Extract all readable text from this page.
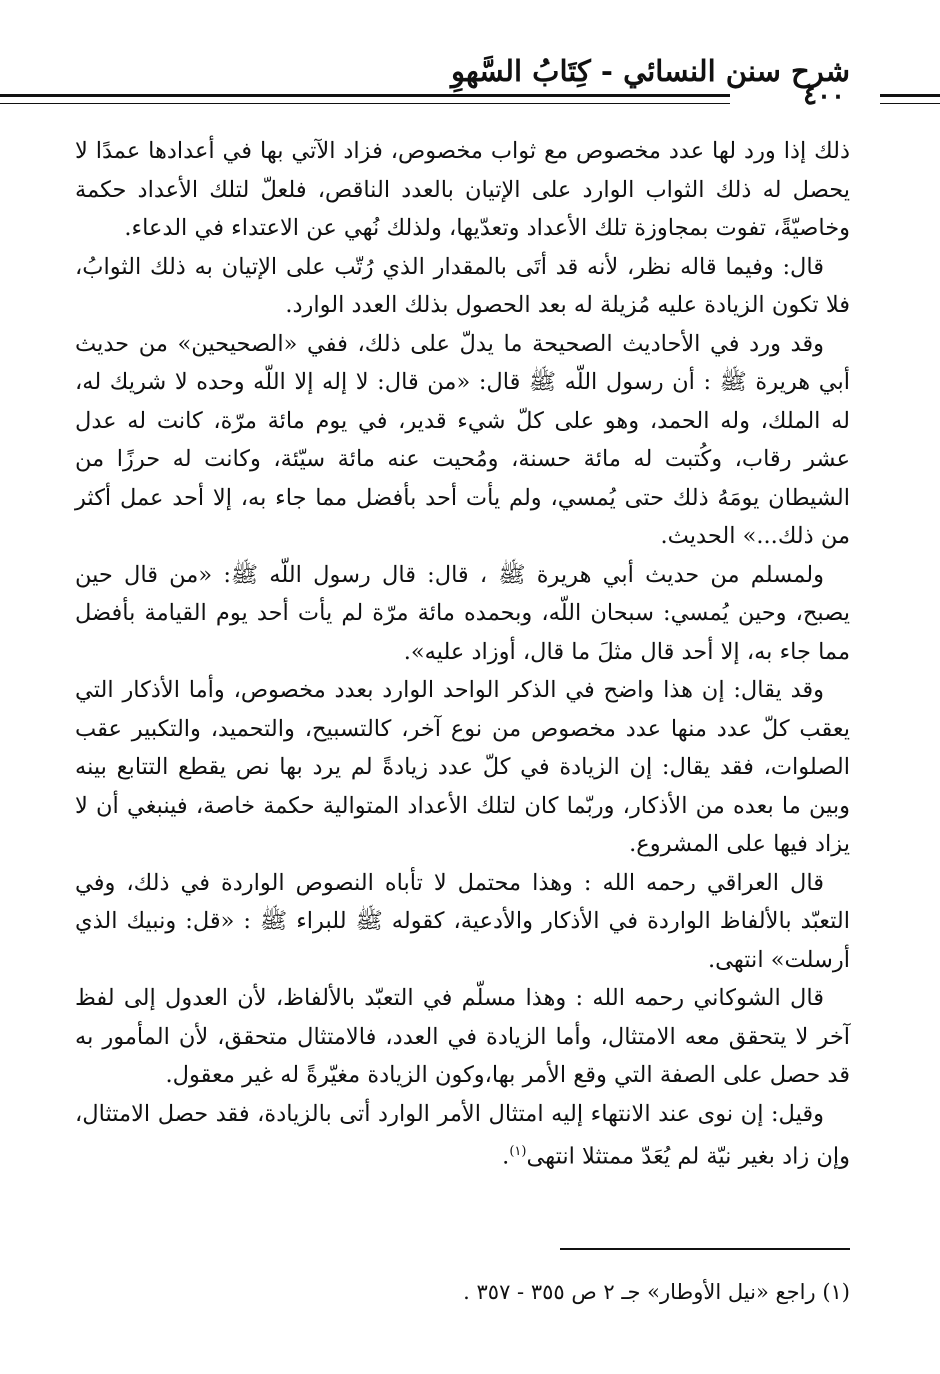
شرح سنن النسائي - كِتَابُ السَّهوِ
٤٠٠

ذلك إذا ورد لها عدد مخصوص مع ثواب مخصوص، فزاد الآتي بها في أعدادها عمدًا لا يحصل له ذلك الثواب الوارد على الإتيان بالعدد الناقص، فلعلّ لتلك الأعداد حكمة وخاصيّةً، تفوت بمجاوزة تلك الأعداد وتعدّيها، ولذلك نُهي عن الاعتداء في الدعاء.

قال: وفيما قاله نظر، لأنه قد أتَى بالمقدار الذي رُتّب على الإتيان به ذلك الثوابُ، فلا تكون الزيادة عليه مُزيلة له بعد الحصول بذلك العدد الوارد.

وقد ورد في الأحاديث الصحيحة ما يدلّ على ذلك، ففي «الصحيحين» من حديث أبي هريرة ﷺ : أن رسول اللّه ﷺ قال: «من قال: لا إله إلا اللّه وحده لا شريك له، له الملك، وله الحمد، وهو على كلّ شيء قدير، في يوم مائة مرّة، كانت له عدل عشر رقاب، وكُتبت له مائة حسنة، ومُحيت عنه مائة سيّئة، وكانت له حرزًا من الشيطان يومَهُ ذلك حتى يُمسي، ولم يأت أحد بأفضل مما جاء به، إلا أحد عمل أكثر من ذلك...» الحديث.

ولمسلم من حديث أبي هريرة ﷺ ، قال: قال رسول اللّه ﷺ: «من قال حين يصبح، وحين يُمسي: سبحان اللّه، وبحمده مائة مرّة لم يأت أحد يوم القيامة بأفضل مما جاء به، إلا أحد قال مثلَ ما قال، أوزاد عليه».

وقد يقال: إن هذا واضح في الذكر الواحد الوارد بعدد مخصوص، وأما الأذكار التي يعقب كلّ عدد منها عدد مخصوص من نوع آخر، كالتسبيح، والتحميد، والتكبير عقب الصلوات، فقد يقال: إن الزيادة في كلّ عدد زيادةً لم يرد بها نص يقطع التتابع بينه وبين ما بعده من الأذكار، وربّما كان لتلك الأعداد المتوالية حكمة خاصة، فينبغي أن لا يزاد فيها على المشروع.

قال العراقي رحمه الله : وهذا محتمل لا تأباه النصوص الواردة في ذلك، وفي التعبّد بالألفاظ الواردة في الأذكار والأدعية، كقوله ﷺ للبراء ﷺ : «قل: ونبيك الذي أرسلت» انتهى.

قال الشوكاني رحمه الله : وهذا مسلّم في التعبّد بالألفاظ، لأن العدول إلى لفظ آخر لا يتحقق معه الامتثال، وأما الزيادة في العدد، فالامتثال متحقق، لأن المأمور به قد حصل على الصفة التي وقع الأمر بها،وكون الزيادة مغيّرةً له غير معقول.

وقيل: إن نوى عند الانتهاء إليه امتثال الأمر الوارد أتى بالزيادة، فقد حصل الامتثال، وإن زاد بغير نيّة لم يُعَدّ ممتثلا انتهى$^{(١)}$.

(١) راجع «نيل الأوطار» جـ ٢ ص ٣٥٥ - ٣٥٧ .
